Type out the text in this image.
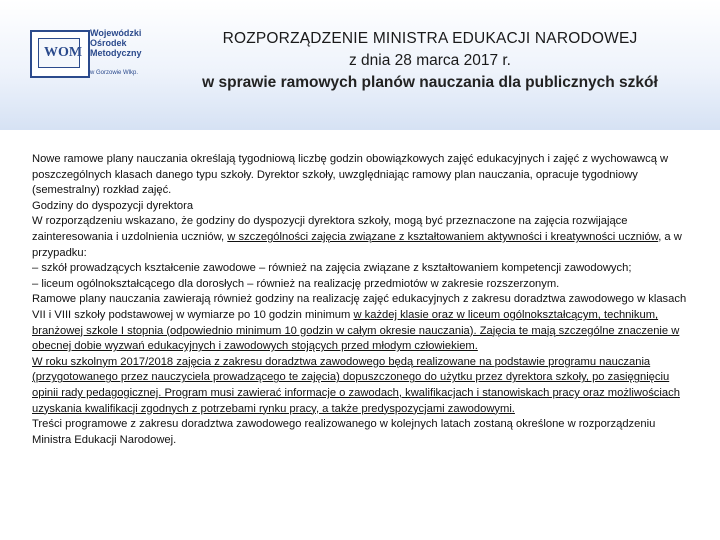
WOM
Wojewódzki
Ośrodek
Metodyczny
w Gorzowie Wlkp.
ROZPORZĄDZENIE MINISTRA EDUKACJI NARODOWEJ
z dnia 28 marca 2017 r.
w sprawie ramowych planów nauczania dla publicznych szkół

Nowe ramowe plany nauczania określają tygodniową liczbę godzin obowiązkowych zajęć edukacyjnych i zajęć z wychowawcą w poszczególnych klasach danego typu szkoły. Dyrektor szkoły, uwzględniając ramowy plan nauczania, opracuje tygodniowy (semestralny) rozkład zajęć.

Godziny do dyspozycji dyrektora

W rozporządzeniu wskazano, że godziny do dyspozycji dyrektora szkoły, mogą być przeznaczone na zajęcia rozwijające zainteresowania i uzdolnienia uczniów, w szczególności zajęcia związane z kształtowaniem aktywności i kreatywności uczniów, a w przypadku:

– szkół prowadzących kształcenie zawodowe – również na zajęcia związane z kształtowaniem kompetencji zawodowych;

– liceum ogólnokształcącego dla dorosłych – również na realizację przedmiotów w zakresie rozszerzonym.

Ramowe plany nauczania zawierają również godziny na realizację zajęć edukacyjnych z zakresu doradztwa zawodowego w klasach VII i VIII szkoły podstawowej w wymiarze po 10 godzin minimum w każdej klasie oraz w liceum ogólnokształcącym, technikum, branżowej szkole I stopnia (odpowiednio minimum 10 godzin w całym okresie nauczania). Zajęcia te mają szczególne znaczenie w obecnej dobie wyzwań edukacyjnych i zawodowych stojących przed młodym człowiekiem.

W roku szkolnym 2017/2018 zajęcia z zakresu doradztwa zawodowego będą realizowane na podstawie programu nauczania (przygotowanego przez nauczyciela prowadzącego te zajęcia) dopuszczonego do użytku przez dyrektora szkoły, po zasięgnięciu opinii rady pedagogicznej. Program musi zawierać informacje o zawodach, kwalifikacjach i stanowiskach pracy oraz możliwościach uzyskania kwalifikacji zgodnych z potrzebami rynku pracy, a także predyspozycjami zawodowymi.

Treści programowe z zakresu doradztwa zawodowego realizowanego w kolejnych latach zostaną określone w rozporządzeniu Ministra Edukacji Narodowej.
